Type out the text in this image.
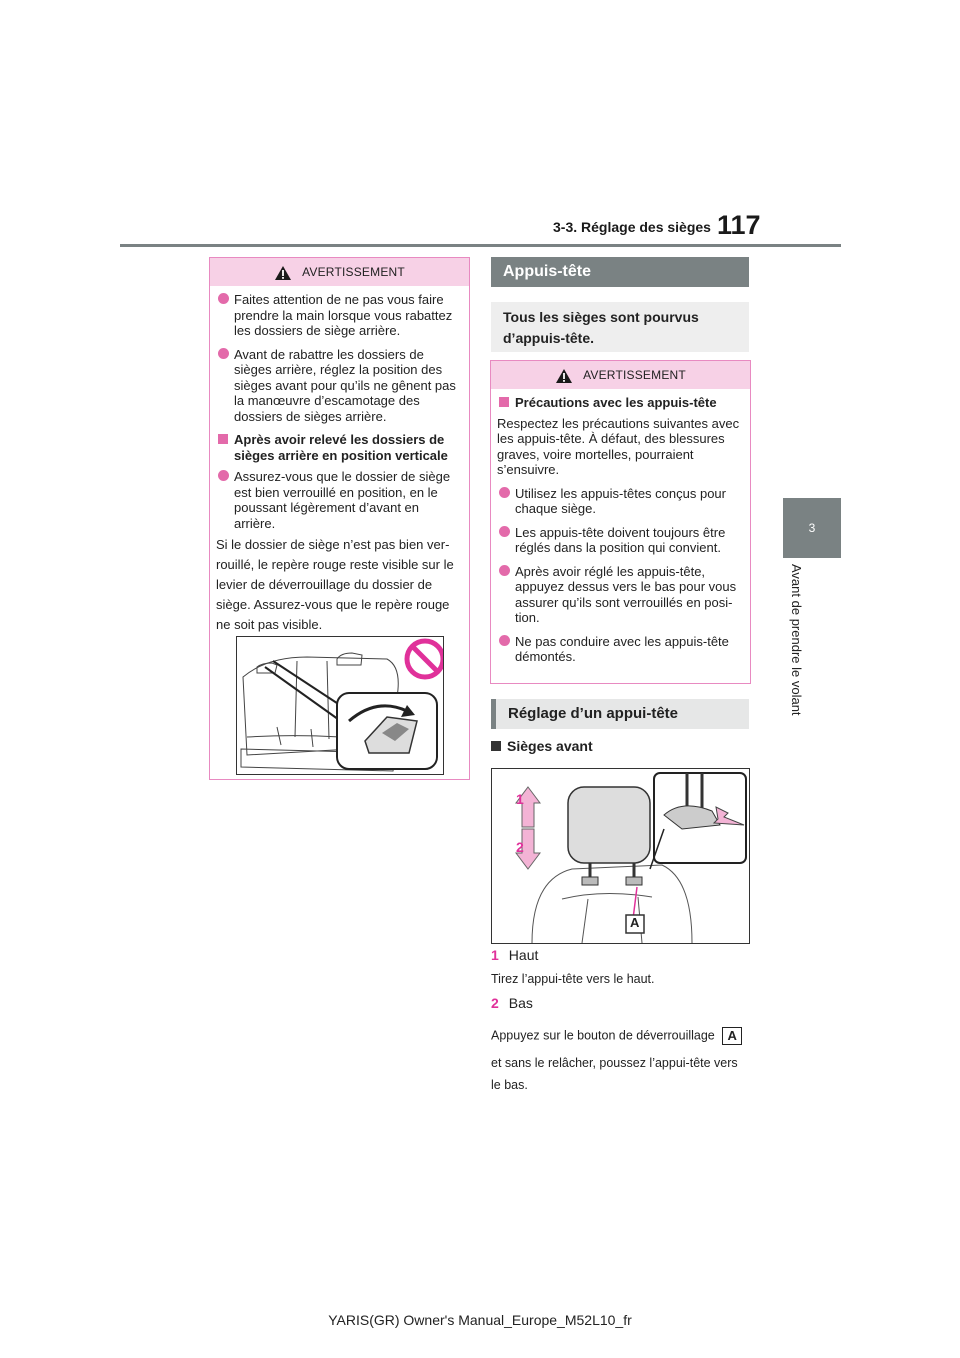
3-3. Réglage des sièges 117
3
Avant de prendre le volant
AVERTISSEMENT
Faites attention de ne pas vous faire prendre la main lorsque vous rabattez les dossiers de siège arrière.
Avant de rabattre les dossiers de sièges arrière, réglez la position des sièges avant pour qu’ils ne gênent pas la manœuvre d’escamotage des dossiers de sièges arrière.
Après avoir relevé les dossiers de sièges arrière en position verticale
Assurez-vous que le dossier de siège est bien verrouillé en position, en le poussant légèrement d’avant en arrière.
Si le dossier de siège n’est pas bien ver-
rouillé, le repère rouge reste visible sur le
levier de déverrouillage du dossier de
siège. Assurez-vous que le repère rouge
ne soit pas visible.
Appuis-tête
Tous les sièges sont pourvus
d’appuis-tête.
AVERTISSEMENT
Précautions avec les appuis-tête
Respectez les précautions suivantes avec les appuis-tête. À défaut, des blessures graves, voire mortelles, pourraient s’ensuivre.
Utilisez les appuis-têtes conçus pour chaque siège.
Les appuis-tête doivent toujours être réglés dans la position qui convient.
Après avoir réglé les appuis-tête, appuyez dessus vers le bas pour vous assurer qu’ils sont verrouillés en posi-tion.
Ne pas conduire avec les appuis-tête démontés.
Réglage d’un appui-tête
Sièges avant
1
2
A
1 Haut
Tirez l’appui-tête vers le haut.
2 Bas
Appuyez sur le bouton de déverrouillage A
et sans le relâcher, poussez l’appui-tête vers
le bas.
YARIS(GR) Owner's Manual_Europe_M52L10_fr
